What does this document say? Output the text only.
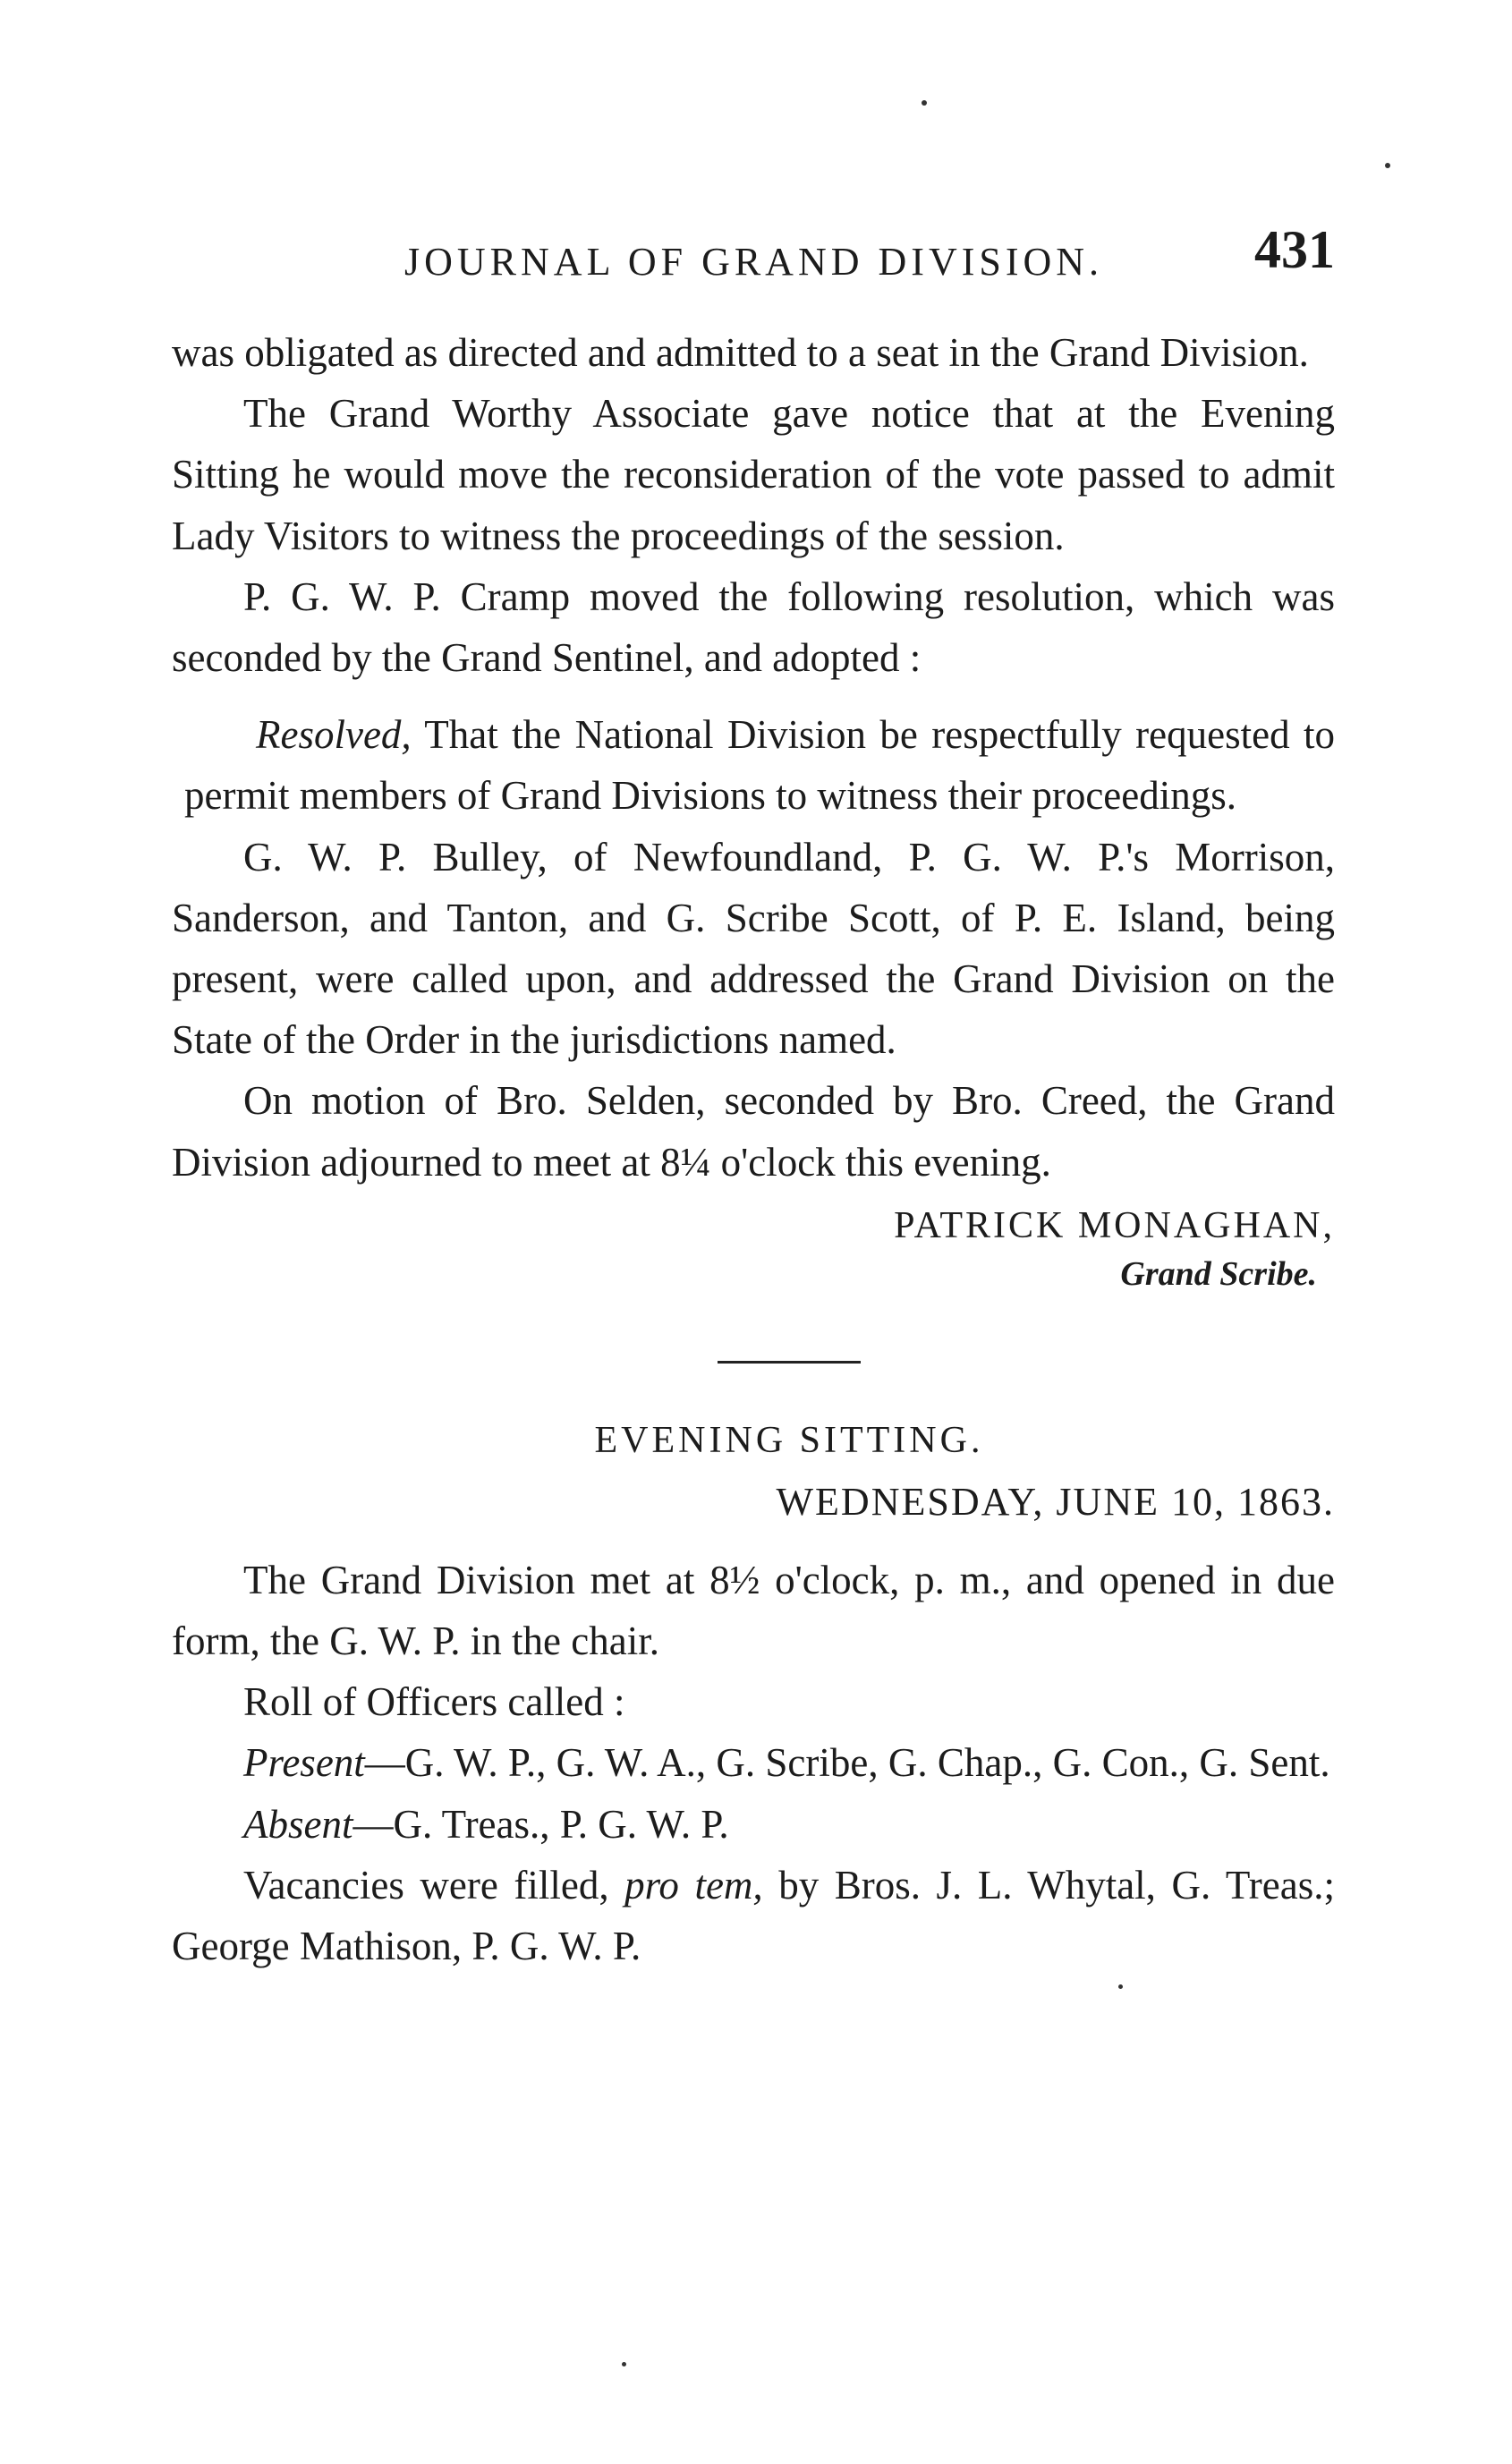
JOURNAL OF GRAND DIVISION.	431

was obligated as directed and admitted to a seat in the Grand Division.

The Grand Worthy Associate gave notice that at the Evening Sitting he would move the reconsideration of the vote passed to admit Lady Visitors to witness the proceedings of the session.

P. G. W. P. Cramp moved the following resolution, which was seconded by the Grand Sentinel, and adopted :

Resolved, That the National Division be respectfully requested to permit members of Grand Divisions to witness their proceedings.

G. W. P. Bulley, of Newfoundland, P. G. W. P.'s Morrison, Sanderson, and Tanton, and G. Scribe Scott, of P. E. Island, being present, were called upon, and addressed the Grand Division on the State of the Order in the jurisdictions named.

On motion of Bro. Selden, seconded by Bro. Creed, the Grand Division adjourned to meet at 8¼ o'clock this evening.

PATRICK MONAGHAN,
Grand Scribe.
EVENING SITTING.
WEDNESDAY, JUNE 10, 1863.

The Grand Division met at 8½ o'clock, p. m., and opened in due form, the G. W. P. in the chair.

Roll of Officers called :

Present—G. W. P., G. W. A., G. Scribe, G. Chap., G. Con., G. Sent.

Absent—G. Treas., P. G. W. P.

Vacancies were filled, pro tem, by Bros. J. L. Whytal, G. Treas.; George Mathison, P. G. W. P.
